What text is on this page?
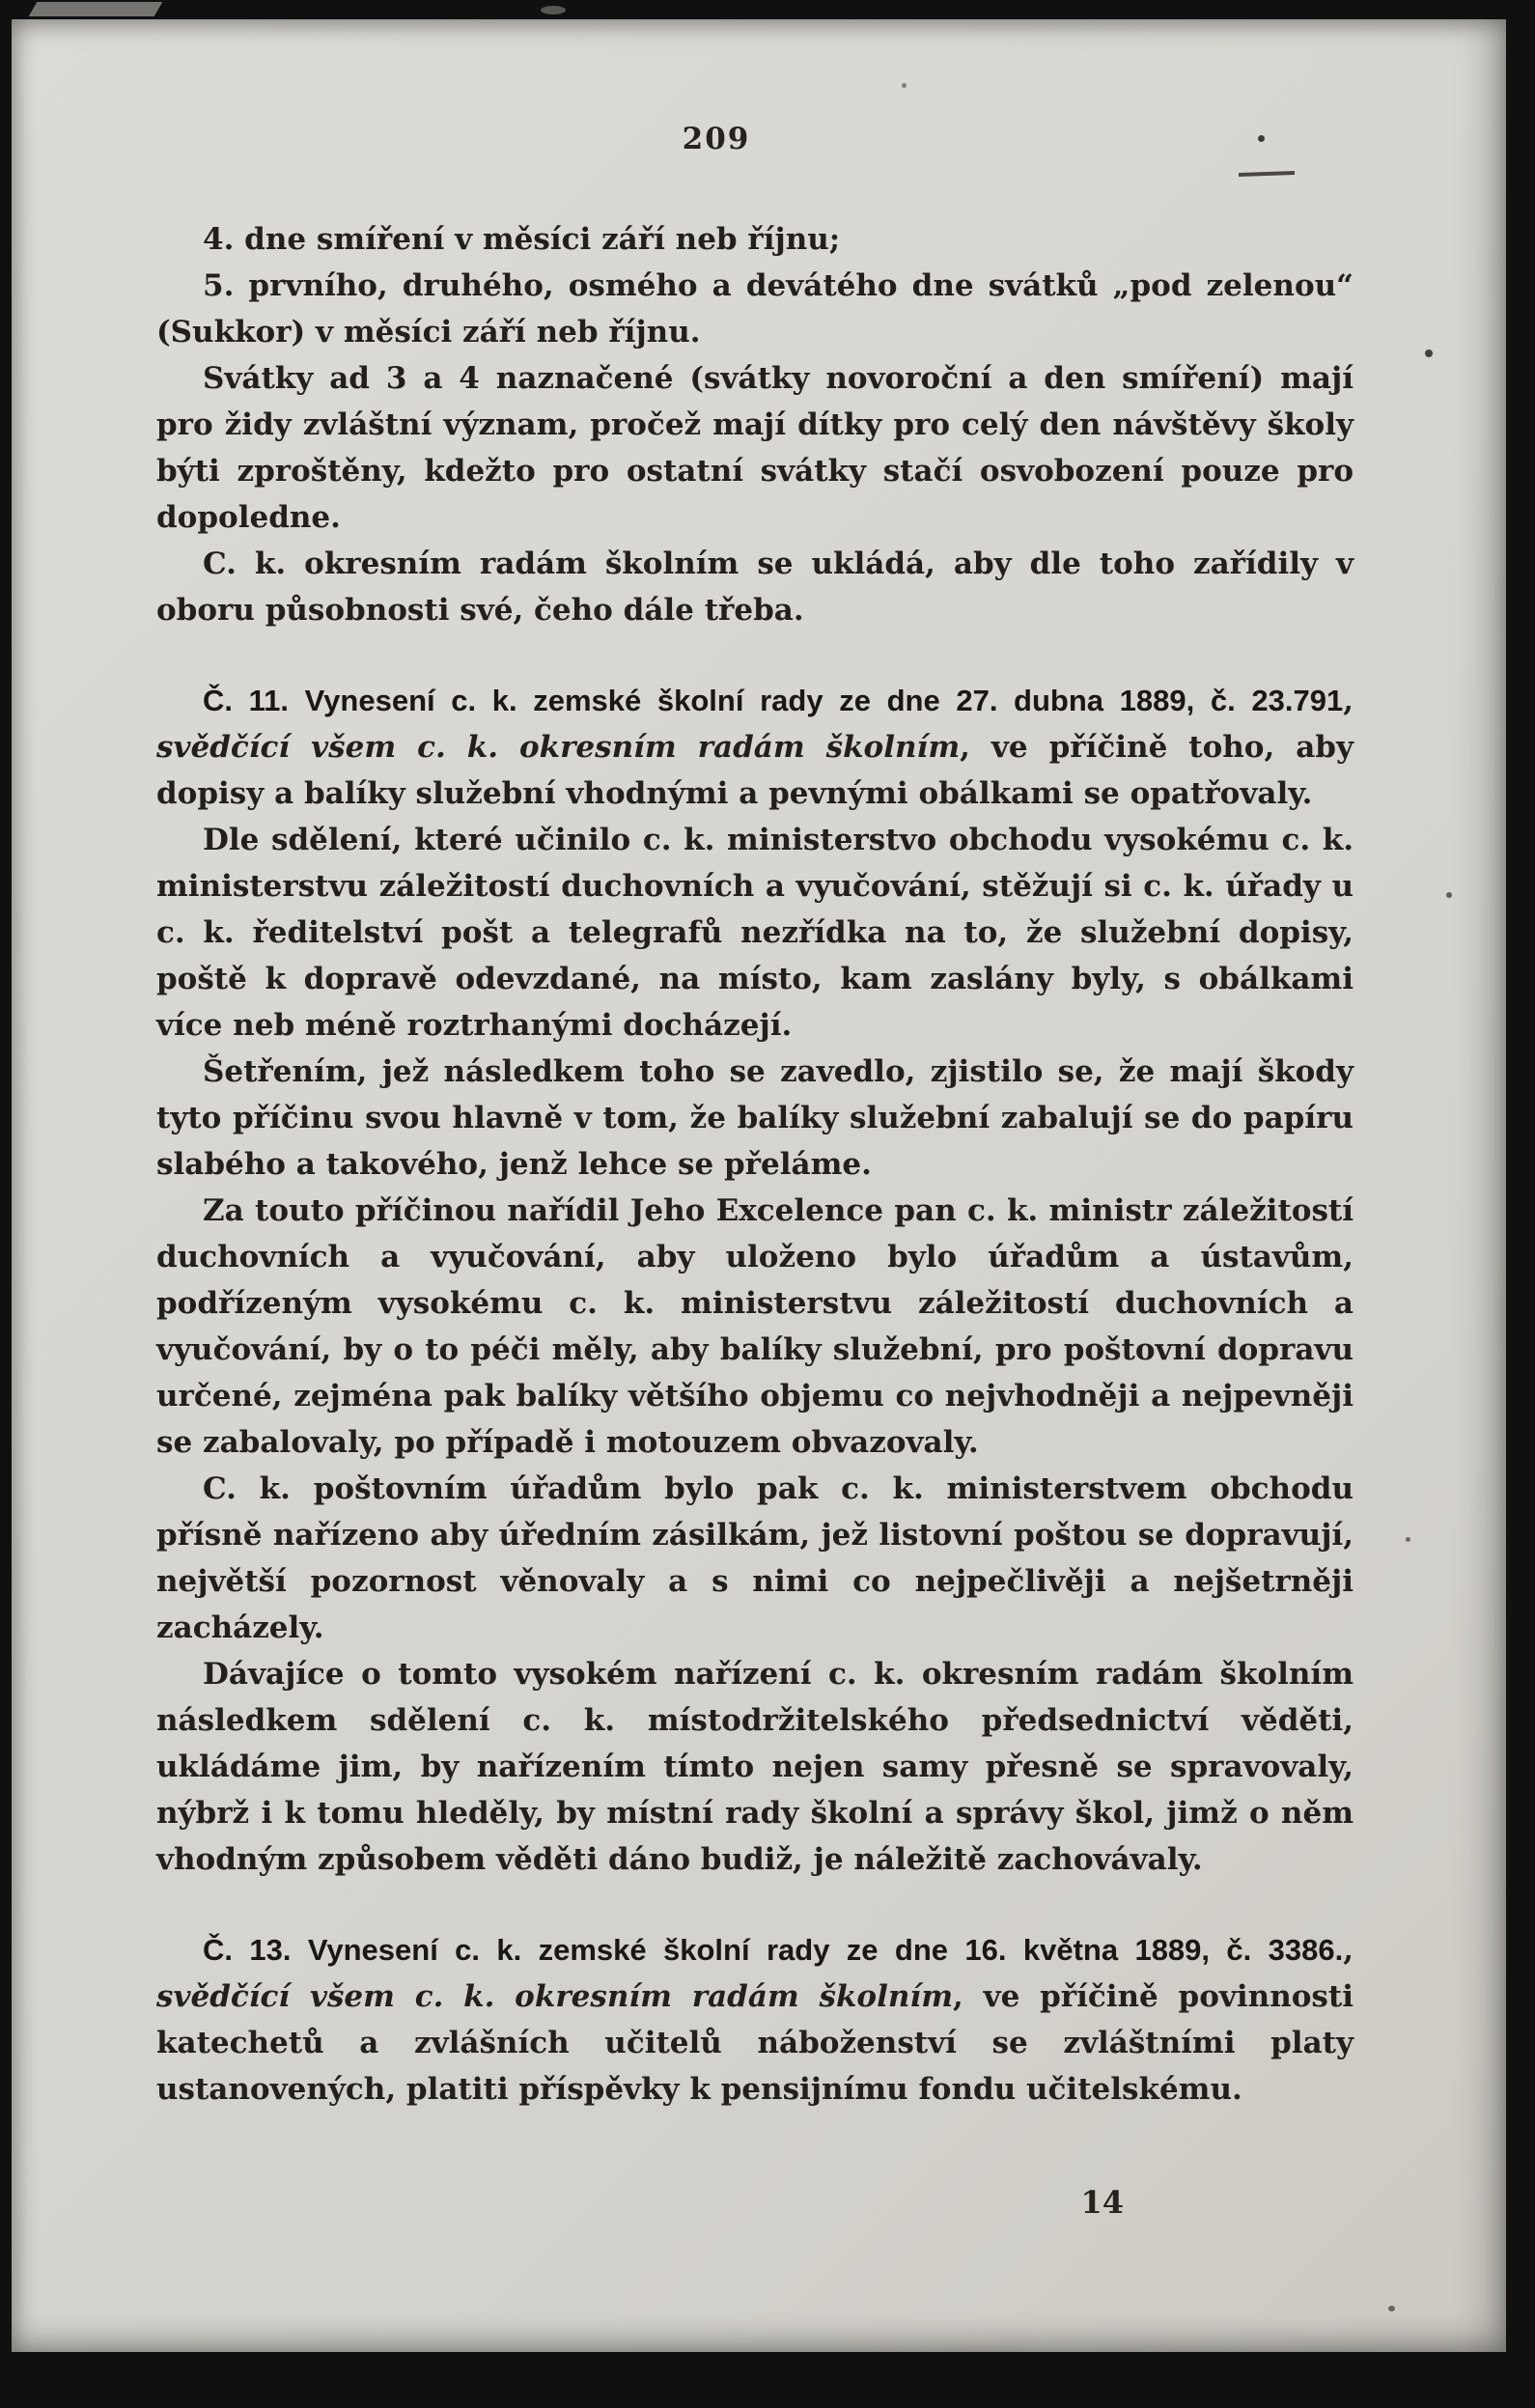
209

4. dne smíření v měsíci září neb říjnu;

5. prvního, druhého, osmého a devátého dne svátků „pod zelenou“ (Sukkor) v měsíci září neb říjnu.

Svátky ad 3 a 4 naznačené (svátky novoroční a den smíření) mají pro židy zvláštní význam, pročež mají dítky pro celý den návštěvy školy býti zproštěny, kdežto pro ostatní svátky stačí osvobození pouze pro dopoledne.

C. k. okresním radám školním se ukládá, aby dle toho zařídily v oboru působnosti své, čeho dále třeba.

Č. 11. Vynesení c. k. zemské školní rady ze dne 27. dubna 1889, č. 23.791, svědčící všem c. k. okresním radám školním, ve příčině toho, aby dopisy a balíky služební vhodnými a pevnými obálkami se opatřovaly.

Dle sdělení, které učinilo c. k. ministerstvo obchodu vysokému c. k. ministerstvu záležitostí duchovních a vyučování, stěžují si c. k. úřady u c. k. ředitelství pošt a telegrafů nezřídka na to, že služební dopisy, poště k dopravě odevzdané, na místo, kam zaslány byly, s obálkami více neb méně roztrhanými docházejí.

Šetřením, jež následkem toho se zavedlo, zjistilo se, že mají škody tyto příčinu svou hlavně v tom, že balíky služební zabalují se do papíru slabého a takového, jenž lehce se přeláme.

Za touto příčinou nařídil Jeho Excelence pan c. k. ministr záležitostí duchovních a vyučování, aby uloženo bylo úřadům a ústavům, podřízeným vysokému c. k. ministerstvu záležitostí duchovních a vyučování, by o to péči měly, aby balíky služební, pro poštovní dopravu určené, zejména pak balíky většího objemu co nejvhodněji a nejpevněji se zabalovaly, po případě i motouzem obvazovaly.

C. k. poštovním úřadům bylo pak c. k. ministerstvem obchodu přísně nařízeno aby úředním zásilkám, jež listovní poštou se dopravují, největší pozornost věnovaly a s nimi co nejpečlivěji a nejšetrněji zacházely.

Dávajíce o tomto vysokém nařízení c. k. okresním radám školním následkem sdělení c. k. místodržitelského předsednictví věděti, ukládáme jim, by nařízením tímto nejen samy přesně se spravovaly, nýbrž i k tomu hleděly, by místní rady školní a správy škol, jimž o něm vhodným způsobem věděti dáno budiž, je náležitě zachovávaly.

Č. 13. Vynesení c. k. zemské školní rady ze dne 16. května 1889, č. 3386., svědčící všem c. k. okresním radám školním, ve příčině povinnosti katechetů a zvlášních učitelů náboženství se zvláštními platy ustanovených, platiti příspěvky k pensijnímu fondu učitelskému.

14
